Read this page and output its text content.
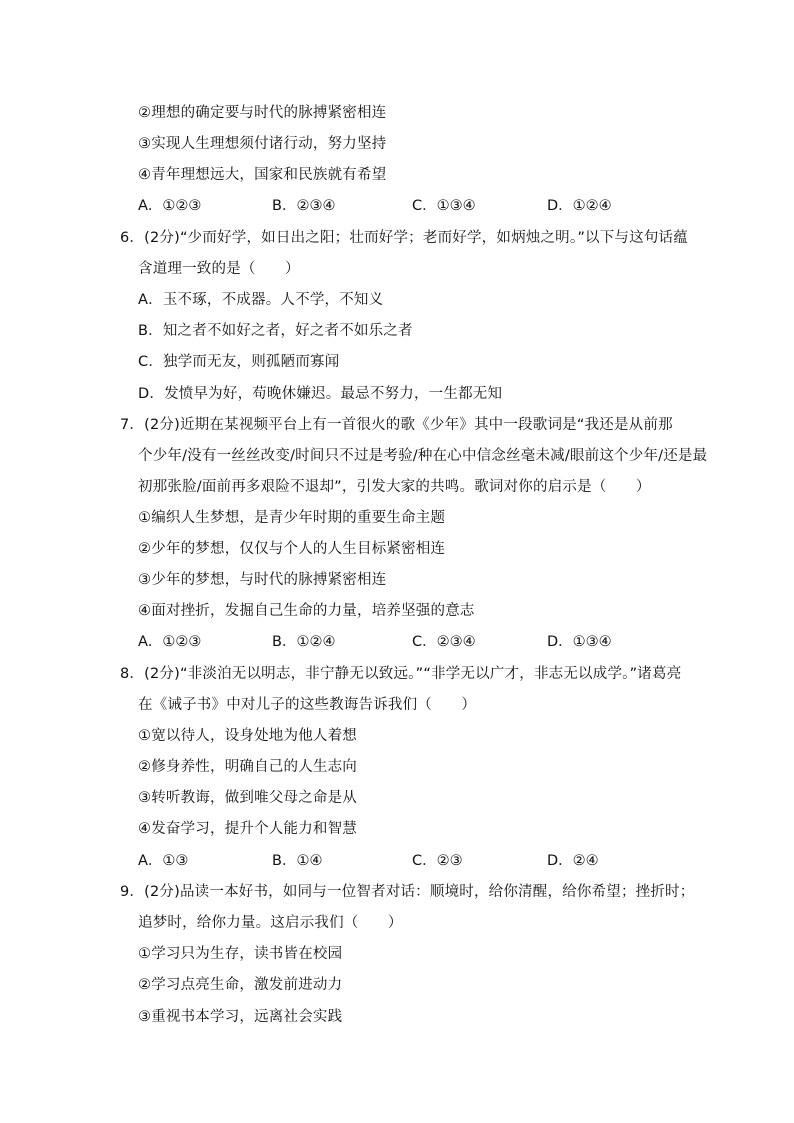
②理想的确定要与时代的脉搏紧密相连
③实现人生理想须付诸行动，努力坚持
④青年理想远大，国家和民族就有希望
A．①②③	B．②③④	C．①③④	D．①②④
6．(2分)“少而好学，如日出之阳；壮而好学；老而好学，如炳烛之明。”以下与这句话蕴
含道理一致的是（　　）
A．玉不琢，不成器。人不学，不知义
B．知之者不如好之者，好之者不如乐之者
C．独学而无友，则孤陋而寡闻
D．发愤早为好，苟晚休嫌迟。最忌不努力，一生都无知
7．(2分)近期在某视频平台上有一首很火的歌《少年》其中一段歌词是“我还是从前那
个少年/没有一丝丝改变/时间只不过是考验/种在心中信念丝毫未减/眼前这个少年/还是最
初那张脸/面前再多艰险不退却”，引发大家的共鸣。歌词对你的启示是（　　）
①编织人生梦想，是青少年时期的重要生命主题
②少年的梦想，仅仅与个人的人生目标紧密相连
③少年的梦想，与时代的脉搏紧密相连
④面对挫折，发掘自己生命的力量，培养坚强的意志
A．①②③	B．①②④	C．②③④	D．①③④
8．(2分)“非淡泊无以明志，非宁静无以致远。”“非学无以广才，非志无以成学。”诸葛亮
在《诫子书》中对儿子的这些教诲告诉我们（　　）
①宽以待人，设身处地为他人着想
②修身养性，明确自己的人生志向
③转听教诲，做到唯父母之命是从
④发奋学习，提升个人能力和智慧
A．①③	B．①④	C．②③	D．②④
9．(2分)品读一本好书，如同与一位智者对话：顺境时，给你清醒，给你希望；挫折时；
追梦时，给你力量。这启示我们（　　）
①学习只为生存，读书皆在校园
②学习点亮生命，激发前进动力
③重视书本学习，远离社会实践
